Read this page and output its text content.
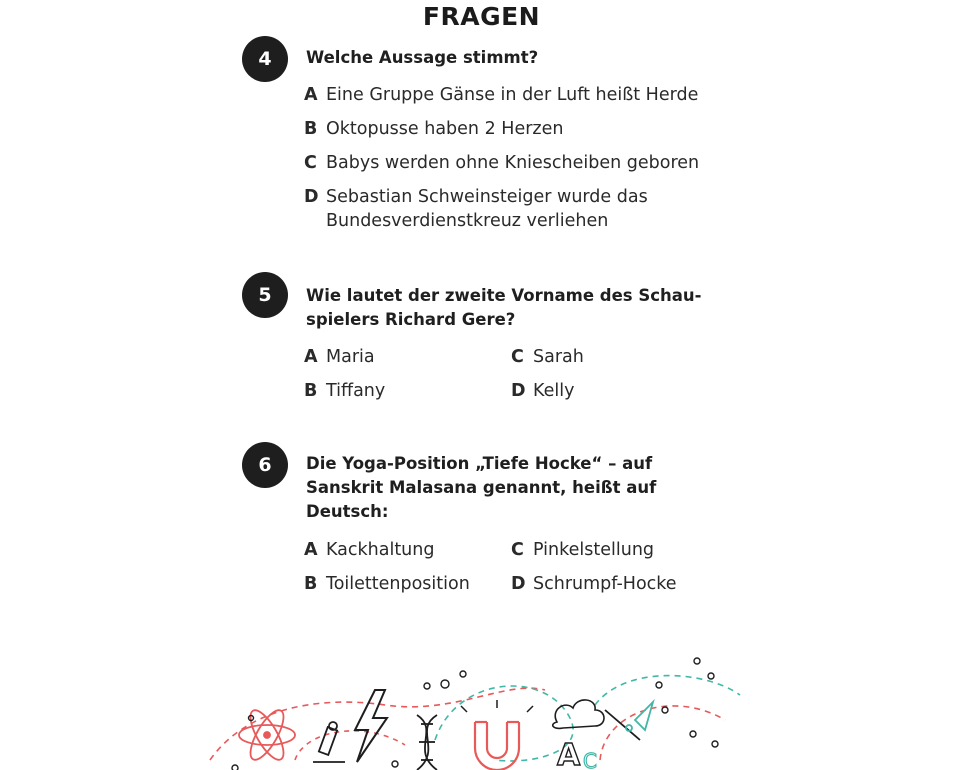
FRAGEN
4	Welche Aussage stimmt?
A Eine Gruppe Gänse in der Luft heißt Herde
B Oktopusse haben 2 Herzen
C Babys werden ohne Kniescheiben geboren
D Sebastian Schweinsteiger wurde das
Bundesverdienstkreuz verliehen
5	Wie lautet der zweite Vorname des Schau-
spielers Richard Gere?
A Maria
B Tiffany
C Sarah
D Kelly
6	Die Yoga-Position „Tiefe Hocke“ – auf
Sanskrit Malasana genannt, heißt auf
Deutsch:
A Kackhaltung
B Toilettenposition
C Pinkelstellung
D Schrumpf-Hocke
A C
